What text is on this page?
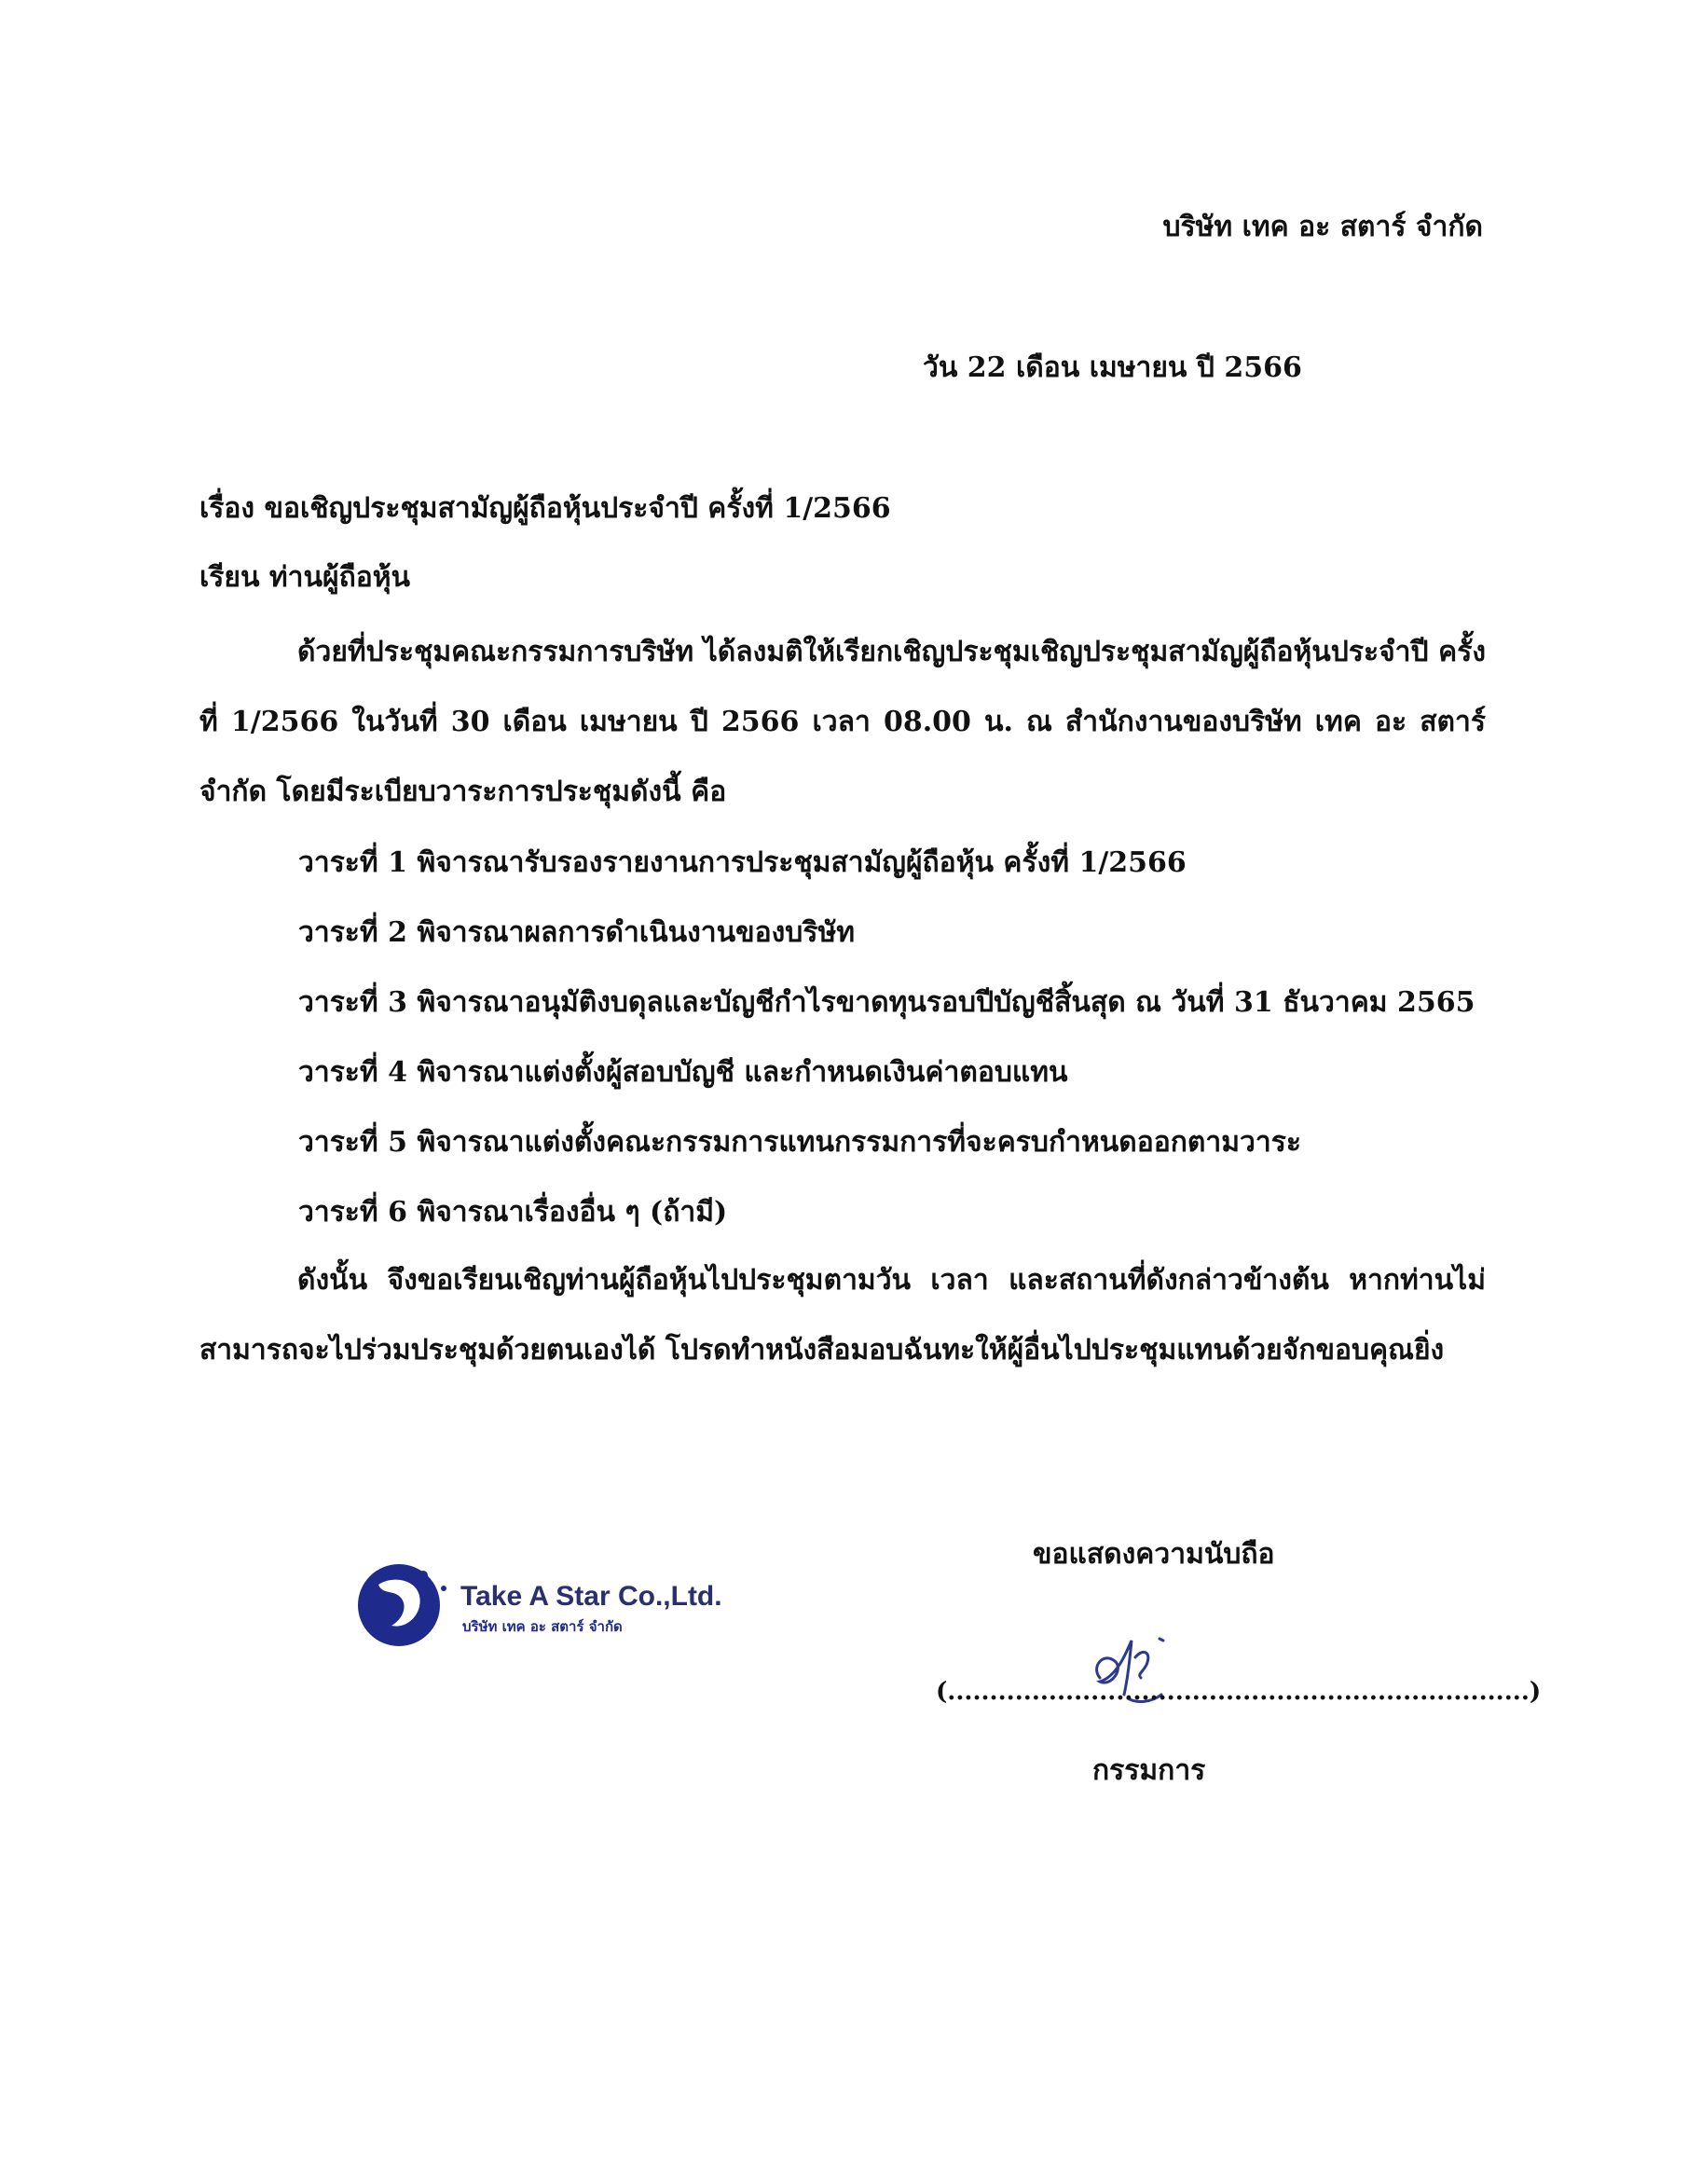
บริษัท เทค อะ สตาร์ จำกัด
วัน 22 เดือน เมษายน ปี 2566
เรื่อง ขอเชิญประชุมสามัญผู้ถือหุ้นประจำปี ครั้งที่ 1/2566
เรียน ท่านผู้ถือหุ้น
ด้วยที่ประชุมคณะกรรมการบริษัท ได้ลงมติให้เรียกเชิญประชุมเชิญประชุมสามัญผู้ถือหุ้นประจำปี ครั้งที่ 1/2566 ในวันที่ 30 เดือน เมษายน ปี 2566 เวลา 08.00 น. ณ สำนักงานของบริษัท เทค อะ สตาร์ จำกัด โดยมีระเบียบวาระการประชุมดังนี้ คือ
วาระที่ 1 พิจารณารับรองรายงานการประชุมสามัญผู้ถือหุ้น ครั้งที่ 1/2566
วาระที่ 2 พิจารณาผลการดำเนินงานของบริษัท
วาระที่ 3 พิจารณาอนุมัติงบดุลและบัญชีกำไรขาดทุนรอบปีบัญชีสิ้นสุด ณ วันที่ 31 ธันวาคม 2565
วาระที่ 4 พิจารณาแต่งตั้งผู้สอบบัญชี และกำหนดเงินค่าตอบแทน
วาระที่ 5 พิจารณาแต่งตั้งคณะกรรมการแทนกรรมการที่จะครบกำหนดออกตามวาระ
วาระที่ 6 พิจารณาเรื่องอื่น ๆ (ถ้ามี)
ดังนั้น จึงขอเรียนเชิญท่านผู้ถือหุ้นไปประชุมตามวัน เวลา และสถานที่ดังกล่าวข้างต้น หากท่านไม่สามารถจะไปร่วมประชุมด้วยตนเองได้ โปรดทำหนังสือมอบฉันทะให้ผู้อื่นไปประชุมแทนด้วยจักขอบคุณยิ่ง
Take A Star Co.,Ltd.
บริษัท เทค อะ สตาร์ จำกัด
ขอแสดงความนับถือ
(.....................................................................)
กรรมการ
